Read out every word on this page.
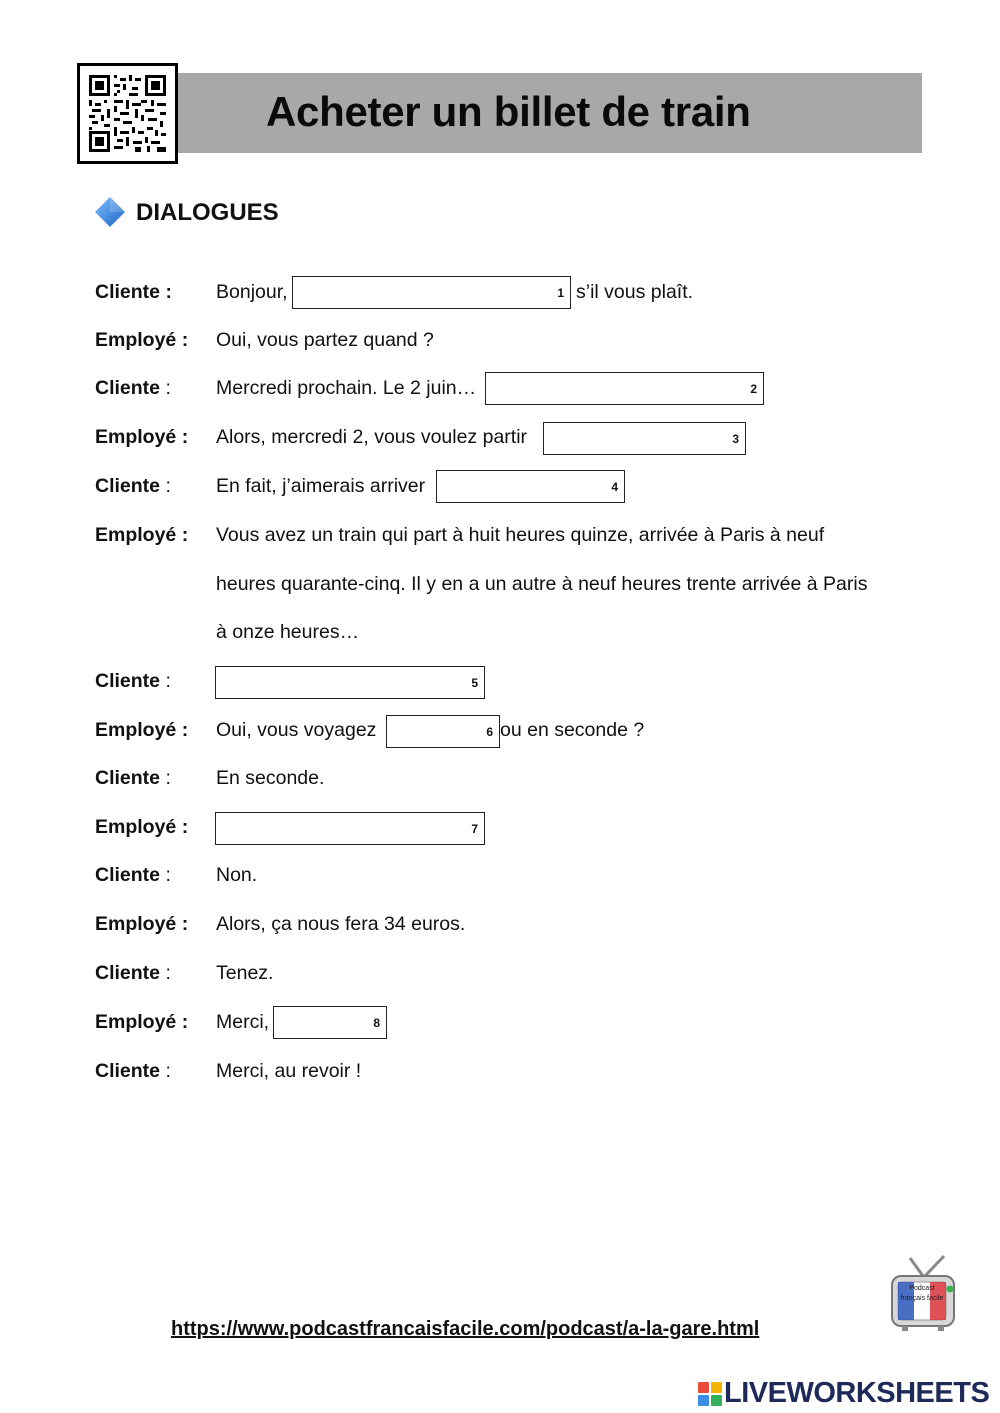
Acheter un billet de train
DIALOGUES
Cliente : Bonjour,	1 s’il vous plaît.
Employé : Oui, vous partez quand ?
Cliente : Mercredi prochain. Le 2 juin…	2
Employé : Alors, mercredi 2, vous voulez partir	3
Cliente : En fait, j’aimerais arriver	4
Employé : Vous avez un train qui part à huit heures quinze, arrivée à Paris à neuf
heures quarante-cinq. Il y en a un autre à neuf heures trente arrivée à Paris
à onze heures…
Cliente :	5
Employé : Oui, vous voyagez	6 ou en seconde ?
Cliente : En seconde.
Employé :	7
Cliente : Non.
Employé : Alors, ça nous fera 34 euros.
Cliente : Tenez.
Employé : Merci,	8
Cliente : Merci, au revoir !
https://www.podcastfrancaisfacile.com/podcast/a-la-gare.html
Podcast français facile
LIVEWORKSHEETS
